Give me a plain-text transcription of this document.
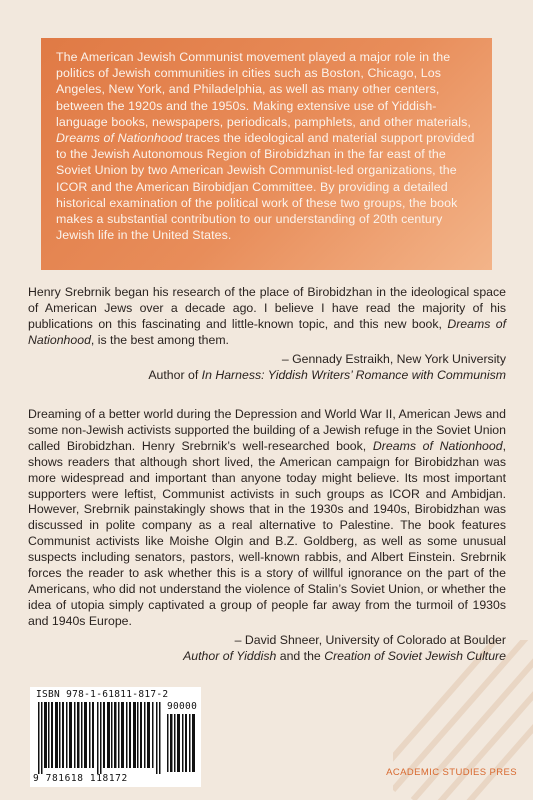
The American Jewish Communist movement played a major role in the politics of Jewish communities in cities such as Boston, Chicago, Los Angeles, New York, and Philadelphia, as well as many other centers, between the 1920s and the 1950s. Making extensive use of Yiddish-language books, newspapers, periodicals, pamphlets, and other materials, Dreams of Nationhood traces the ideological and material support provided to the Jewish Autonomous Region of Birobidzhan in the far east of the Soviet Union by two American Jewish Communist-led organizations, the ICOR and the American Birobidjan Committee. By providing a detailed historical examination of the political work of these two groups, the book makes a substantial contribution to our understanding of 20th century Jewish life in the United States.

Henry Srebrnik began his research of the place of Birobidzhan in the ideological space of American Jews over a decade ago. I believe I have read the majority of his publications on this fascinating and little-known topic, and this new book, Dreams of Nationhood, is the best among them.

– Gennady Estraikh, New York University

Author of In Harness: Yiddish Writers’ Romance with Communism

Dreaming of a better world during the Depression and World War II, American Jews and some non-Jewish activists supported the building of a Jewish refuge in the Soviet Union called Birobidzhan. Henry Srebrnik’s well-researched book, Dreams of Nationhood, shows readers that although short lived, the American campaign for Birobidzhan was more widespread and important than anyone today might believe. Its most important supporters were leftist, Communist activists in such groups as ICOR and Ambidjan. However, Srebrnik painstakingly shows that in the 1930s and 1940s, Birobidzhan was discussed in polite company as a real alternative to Palestine. The book features Communist activists like Moishe Olgin and B.Z. Goldberg, as well as some unusual suspects including senators, pastors, well-known rabbis, and Albert Einstein. Srebrnik forces the reader to ask whether this is a story of willful ignorance on the part of the Americans, who did not understand the violence of Stalin’s Soviet Union, or whether the idea of utopia simply captivated a group of people far away from the turmoil of 1930s and 1940s Europe.

– David Shneer, University of Colorado at Boulder

Author of Yiddish and the Creation of Soviet Jewish Culture

ISBN 978-1-61811-817-2
90000
9 781618 118172
ACADEMIC STUDIES PRES
